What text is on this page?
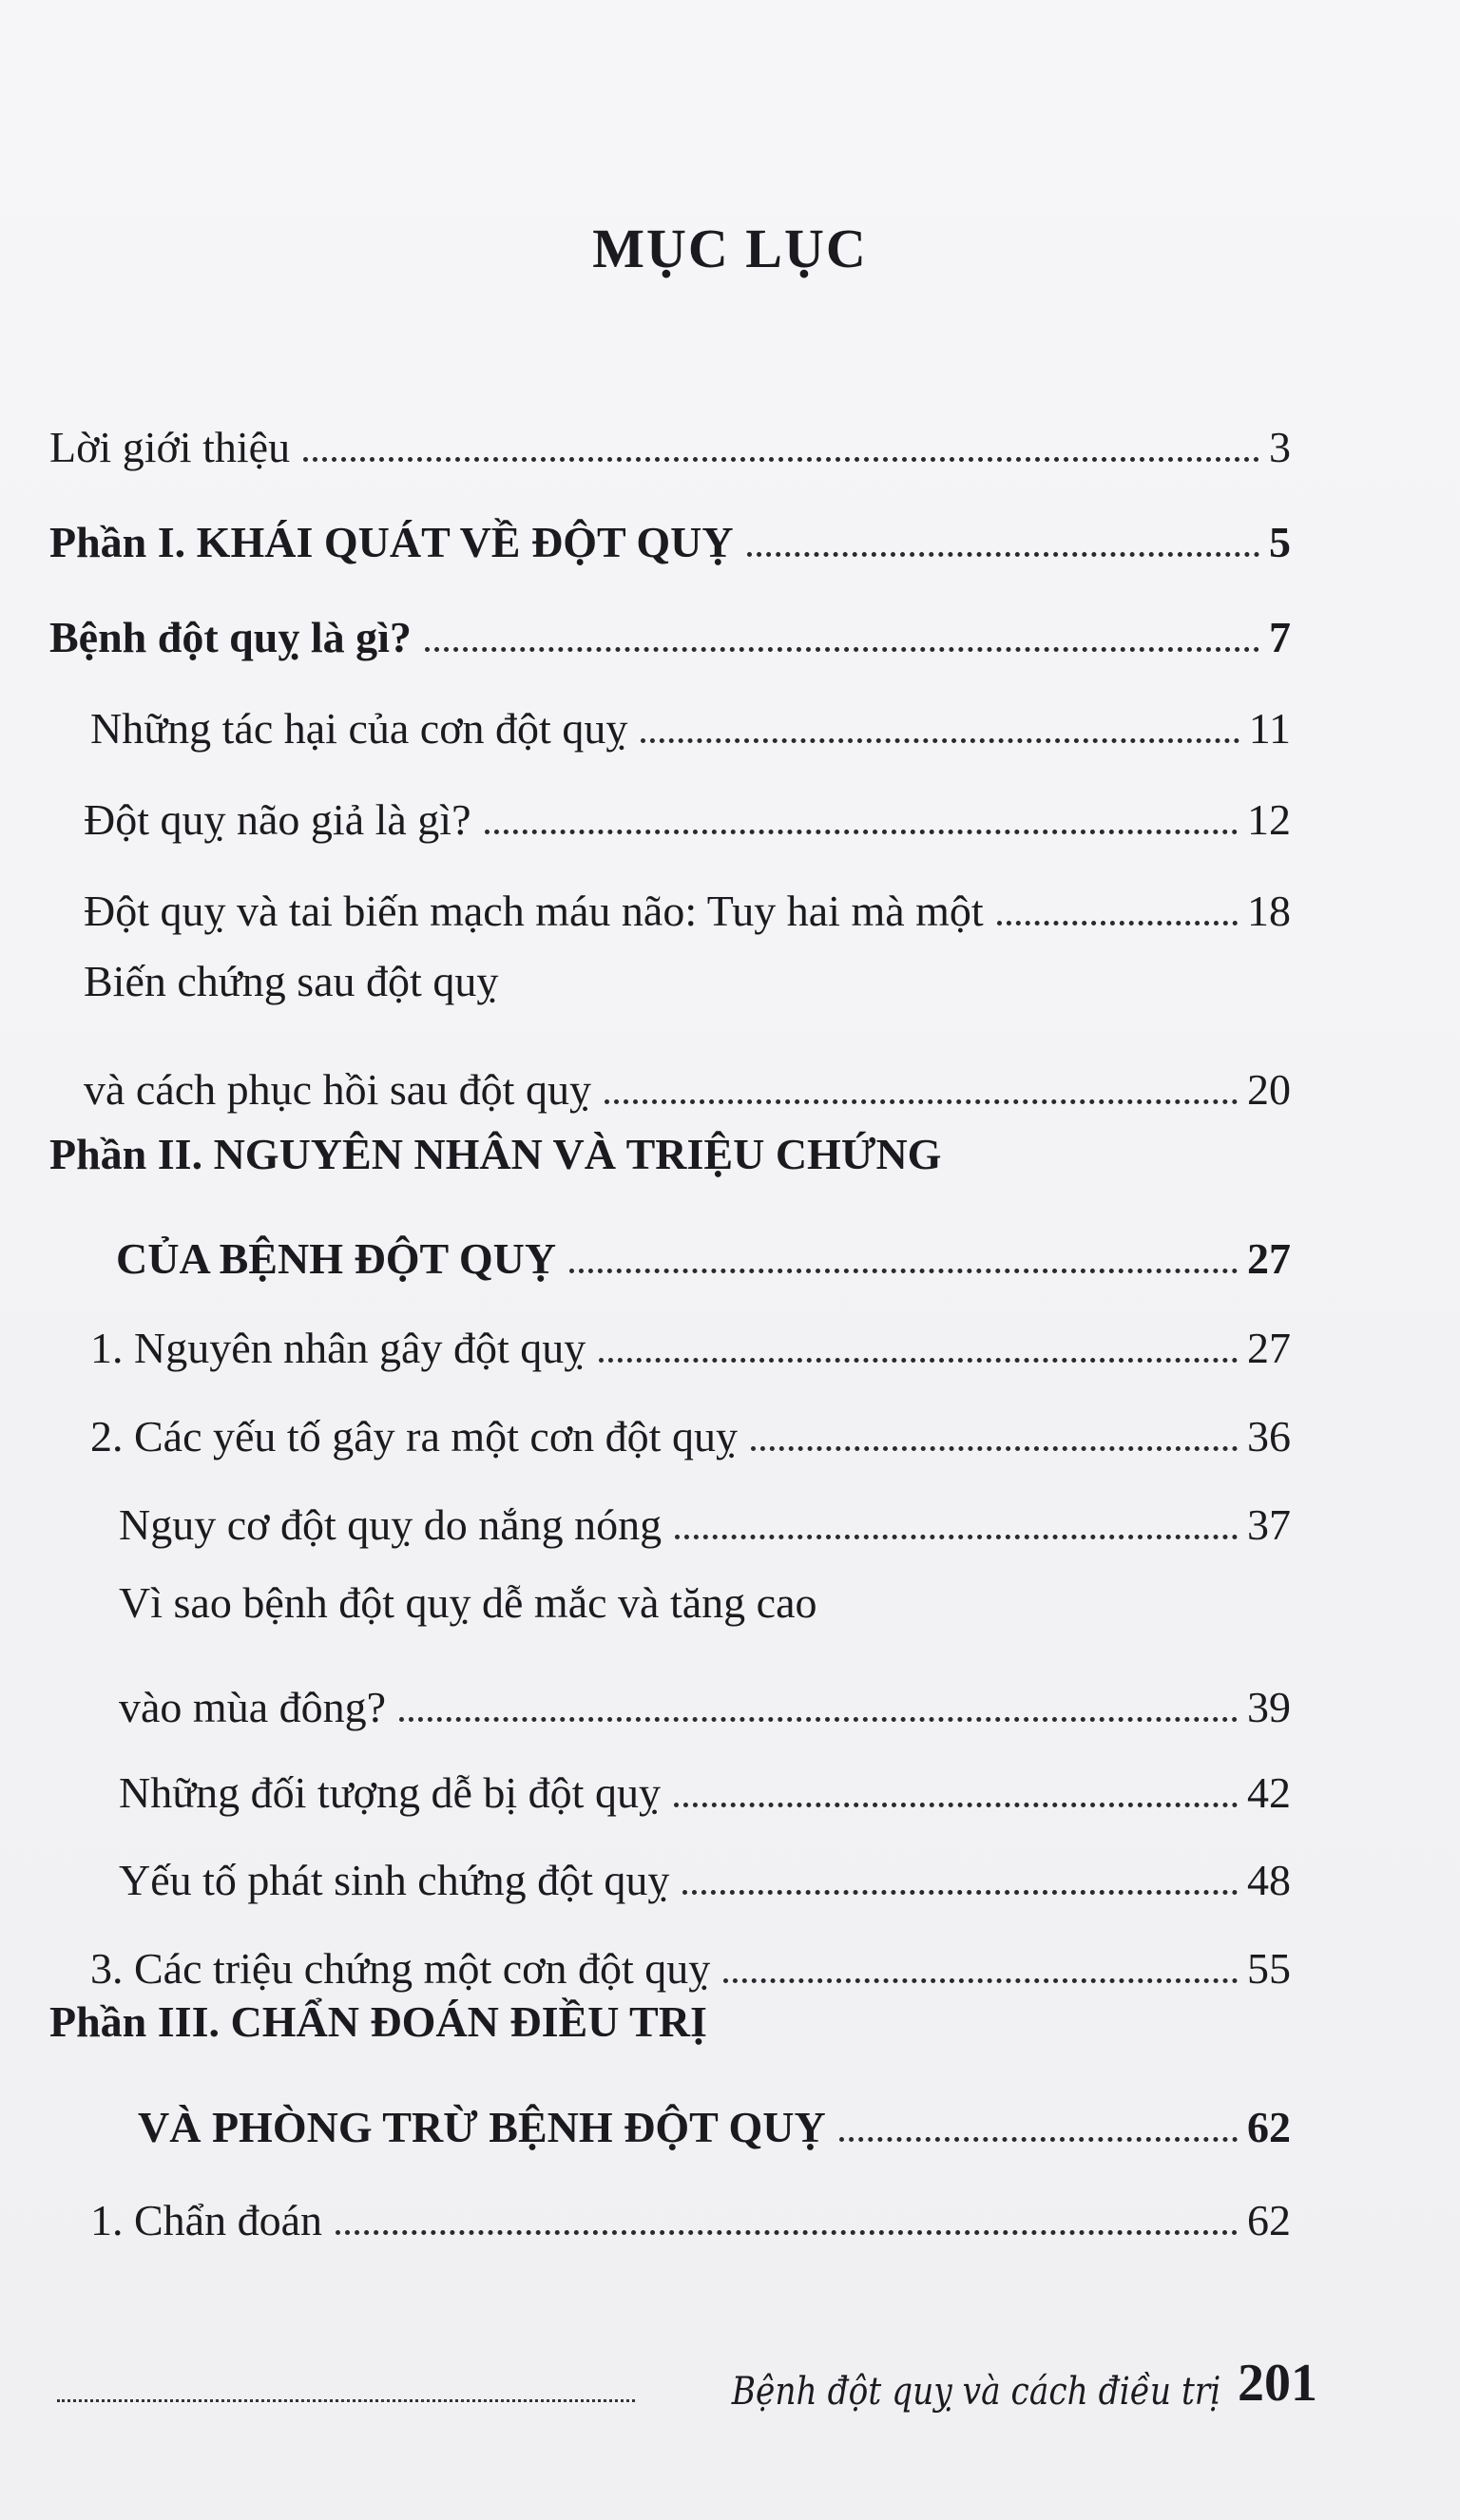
MỤC LỤC
Lời giới thiệu	3
Phần I. KHÁI QUÁT VỀ ĐỘT QUỴ	5
Bệnh đột quỵ là gì?	7
Những tác hại của cơn đột quỵ	11
Đột quỵ não giả là gì?	12
Đột quỵ và tai biến mạch máu não: Tuy hai mà một	18
Biến chứng sau đột quỵ
và cách phục hồi sau đột quỵ	20
Phần II. NGUYÊN NHÂN VÀ TRIỆU CHỨNG
CỦA BỆNH ĐỘT QUỴ	27
1. Nguyên nhân gây đột quỵ	27
2. Các yếu tố gây ra một cơn đột quỵ	36
Nguy cơ đột quỵ do nắng nóng	37
Vì sao bệnh đột quỵ dễ mắc và tăng cao
vào mùa đông?	39
Những đối tượng dễ bị đột quỵ	42
Yếu tố phát sinh chứng đột quỵ	48
3. Các triệu chứng một cơn đột quỵ	55
Phần III. CHẨN ĐOÁN ĐIỀU TRỊ
VÀ PHÒNG TRỪ BỆNH ĐỘT QUỴ	62
1. Chẩn đoán	62
Bệnh đột quỵ và cách điều trị 201
